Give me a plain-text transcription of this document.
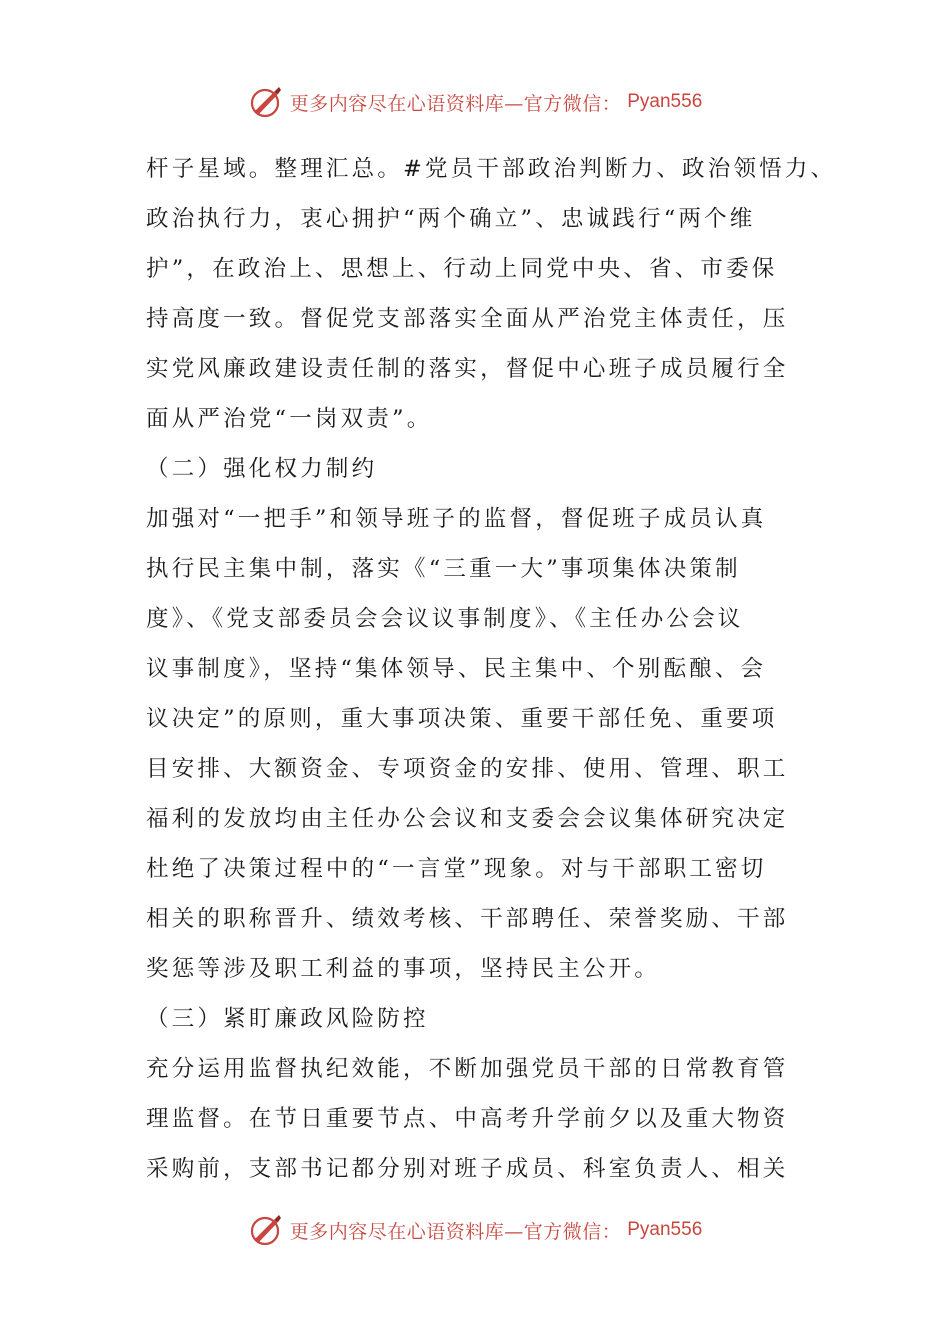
更多内容尽在心语资料库—官方微信： Pyan556
杆子星域。整理汇总。#党员干部政治判断力、政治领悟力、
政治执行力，衷心拥护“两个确立”、忠诚践行“两个维
护”，在政治上、思想上、行动上同党中央、省、市委保
持高度一致。督促党支部落实全面从严治党主体责任，压
实党风廉政建设责任制的落实，督促中心班子成员履行全
面从严治党“一岗双责”。
（二）强化权力制约
加强对“一把手”和领导班子的监督，督促班子成员认真
执行民主集中制，落实《“三重一大”事项集体决策制
度》、《党支部委员会会议议事制度》、《主任办公会议
议事制度》，坚持“集体领导、民主集中、个别酝酿、会
议决定”的原则，重大事项决策、重要干部任免、重要项
目安排、大额资金、专项资金的安排、使用、管理、职工
福利的发放均由主任办公会议和支委会会议集体研究决定
杜绝了决策过程中的“一言堂”现象。对与干部职工密切
相关的职称晋升、绩效考核、干部聘任、荣誉奖励、干部
奖惩等涉及职工利益的事项，坚持民主公开。
（三）紧盯廉政风险防控
充分运用监督执纪效能，不断加强党员干部的日常教育管
理监督。在节日重要节点、中高考升学前夕以及重大物资
采购前，支部书记都分别对班子成员、科室负责人、相关
更多内容尽在心语资料库—官方微信： Pyan556
